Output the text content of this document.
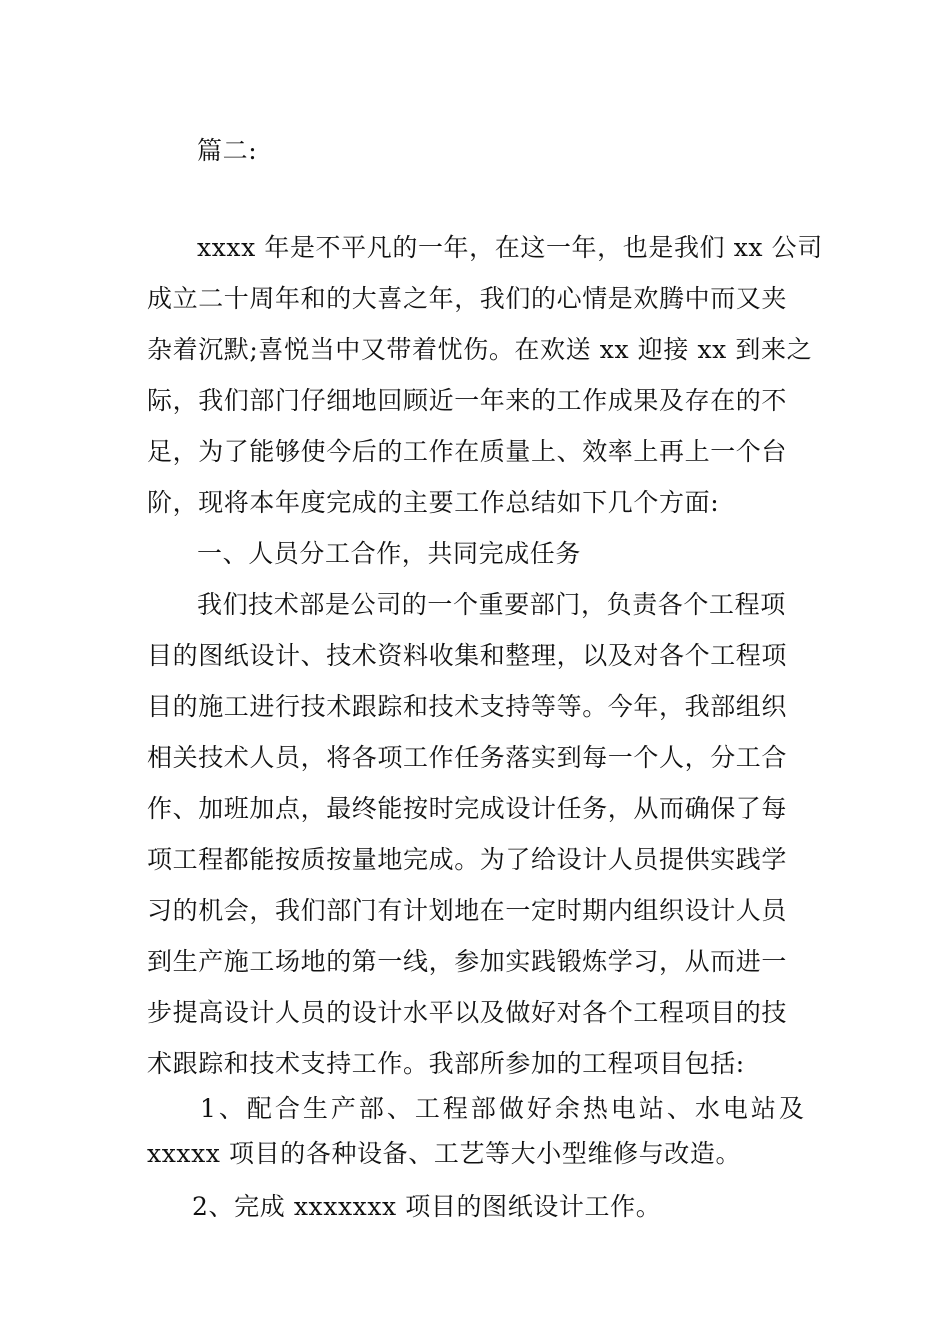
篇二:
xxxx 年是不平凡的一年，在这一年，也是我们 xx 公司
成立二十周年和的大喜之年，我们的心情是欢腾中而又夹
杂着沉默;喜悦当中又带着忧伤。在欢送 xx 迎接 xx 到来之
际，我们部门仔细地回顾近一年来的工作成果及存在的不
足，为了能够使今后的工作在质量上、效率上再上一个台
阶，现将本年度完成的主要工作总结如下几个方面:
一、人员分工合作，共同完成任务
我们技术部是公司的一个重要部门，负责各个工程项
目的图纸设计、技术资料收集和整理，以及对各个工程项
目的施工进行技术跟踪和技术支持等等。今年，我部组织
相关技术人员，将各项工作任务落实到每一个人，分工合
作、加班加点，最终能按时完成设计任务，从而确保了每
项工程都能按质按量地完成。为了给设计人员提供实践学
习的机会，我们部门有计划地在一定时期内组织设计人员
到生产施工场地的第一线，参加实践锻炼学习，从而进一
步提高设计人员的设计水平以及做好对各个工程项目的技
术跟踪和技术支持工作。我部所参加的工程项目包括:
1、配合生产部、工程部做好余热电站、水电站及
xxxxx 项目的各种设备、工艺等大小型维修与改造。
2、完成 xxxxxxx 项目的图纸设计工作。
